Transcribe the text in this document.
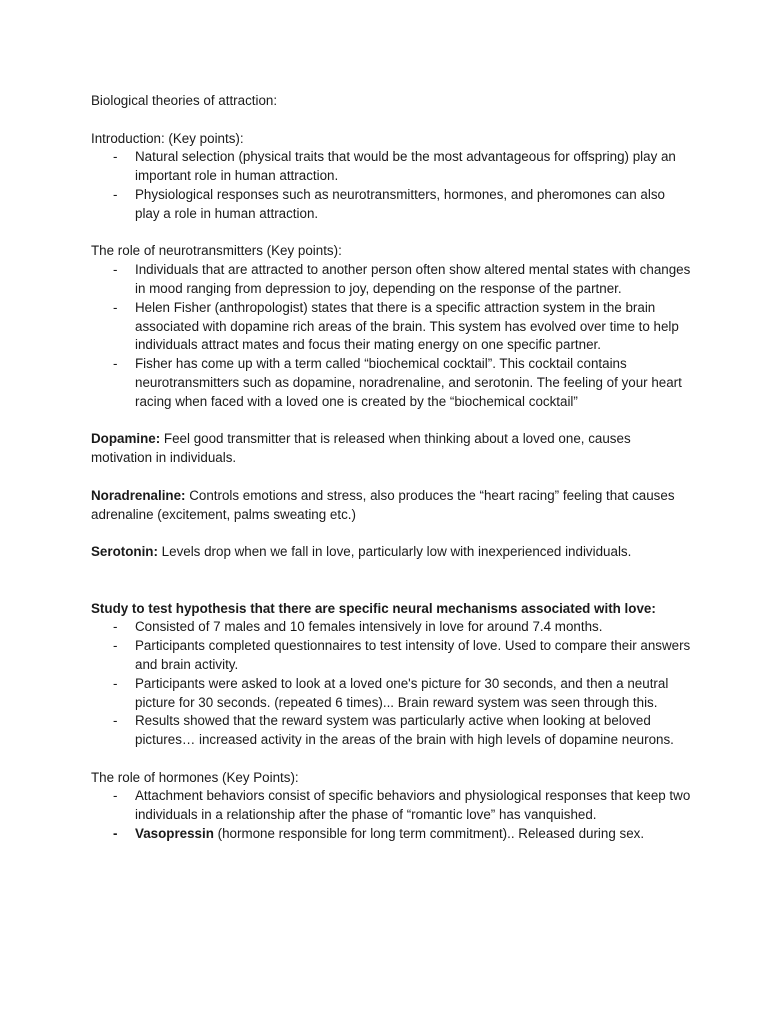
Biological theories of attraction:

Introduction: (Key points):

- Natural selection (physical traits that would be the most advantageous for offspring) play an important role in human attraction.
- Physiological responses such as neurotransmitters, hormones, and pheromones can also play a role in human attraction.

The role of neurotransmitters (Key points):

- Individuals that are attracted to another person often show altered mental states with changes in mood ranging from depression to joy, depending on the response of the partner.
- Helen Fisher (anthropologist) states that there is a specific attraction system in the brain associated with dopamine rich areas of the brain. This system has evolved over time to help individuals attract mates and focus their mating energy on one specific partner.
- Fisher has come up with a term called “biochemical cocktail”. This cocktail contains neurotransmitters such as dopamine, noradrenaline, and serotonin. The feeling of your heart racing when faced with a loved one is created by the “biochemical cocktail”

Dopamine: Feel good transmitter that is released when thinking about a loved one, causes motivation in individuals.

Noradrenaline: Controls emotions and stress, also produces the “heart racing” feeling that causes adrenaline (excitement, palms sweating etc.)

Serotonin: Levels drop when we fall in love, particularly low with inexperienced individuals.

Study to test hypothesis that there are specific neural mechanisms associated with love:

- Consisted of 7 males and 10 females intensively in love for around 7.4 months.
- Participants completed questionnaires to test intensity of love. Used to compare their answers and brain activity.
- Participants were asked to look at a loved one's picture for 30 seconds, and then a neutral picture for 30 seconds. (repeated 6 times)... Brain reward system was seen through this.
- Results showed that the reward system was particularly active when looking at beloved pictures… increased activity in the areas of the brain with high levels of dopamine neurons.

The role of hormones (Key Points):

- Attachment behaviors consist of specific behaviors and physiological responses that keep two individuals in a relationship after the phase of “romantic love” has vanquished.
- Vasopressin (hormone responsible for long term commitment).. Released during sex.
